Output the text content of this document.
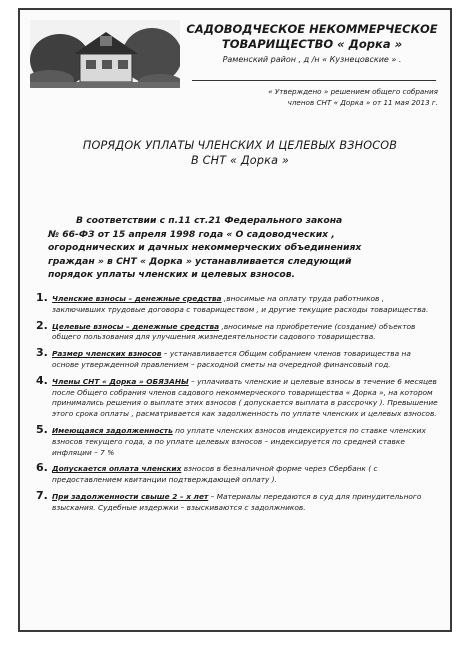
САДОВОДЧЕСКОЕ НЕКОММЕРЧЕСКОЕ
ТОВАРИЩЕСТВО « Дорка »
Раменский район , д /н « Кузнецовские » .
« Утверждено » решением общего собрания
членов СНТ « Дорка » от 11 мая 2013 г.
ПОРЯДОК УПЛАТЫ ЧЛЕНСКИХ И ЦЕЛЕВЫХ ВЗНОСОВ
В СНТ « Дорка »
В соответствии с п.11 ст.21 Федерального закона
№ 66-ФЗ от 15 апреля 1998 года « О садоводческих ,
огороднических и дачных некоммерческих объединениях
граждан » в СНТ « Дорка » устанавливается следующий
порядок уплаты членских и целевых взносов.
1. Членские взносы – денежные средства ,вносимые на оплату труда работников , заключивших трудовые договора с товариществом , и другие текущие расходы товарищества.
2. Целевые взносы – денежные средства ,вносимые на приобретение (создание) объектов общего пользования для улучшения жизнедеятельности садового товарищества.
3. Размер членских взносов – устанавливается Общим собранием членов товарищества на основе утвержденной правлением – расходной сметы на очередной финансовый год.
4. Члены СНТ « Дорка » ОБЯЗАНЫ – уплачивать членские и целевые взносы в течение 6 месяцев после Общего собрания членов садового некоммерческого товарищества « Дорка », на котором принимались решения о выплате этих взносов ( допускается выплата в рассрочку ). Превышение этого срока оплаты , расматривается как задолженность по уплате членских и целевых взносов.
5. Имеющаяся задолженность по уплате членских взносов индексируется по ставке членских взносов текущего года, а по уплате целевых взносов – индексируется по средней ставке инфляции – 7 %
6. Допускается оплата членских взносов в безналичной форме через Сбербанк ( с предоставлением квитанции подтверждающей оплату ).
7. При задолженности свыше 2 – х лет – Материалы передаются в суд для принудительного взыскания. Судебные издержки – взыскиваются с задолжников.
